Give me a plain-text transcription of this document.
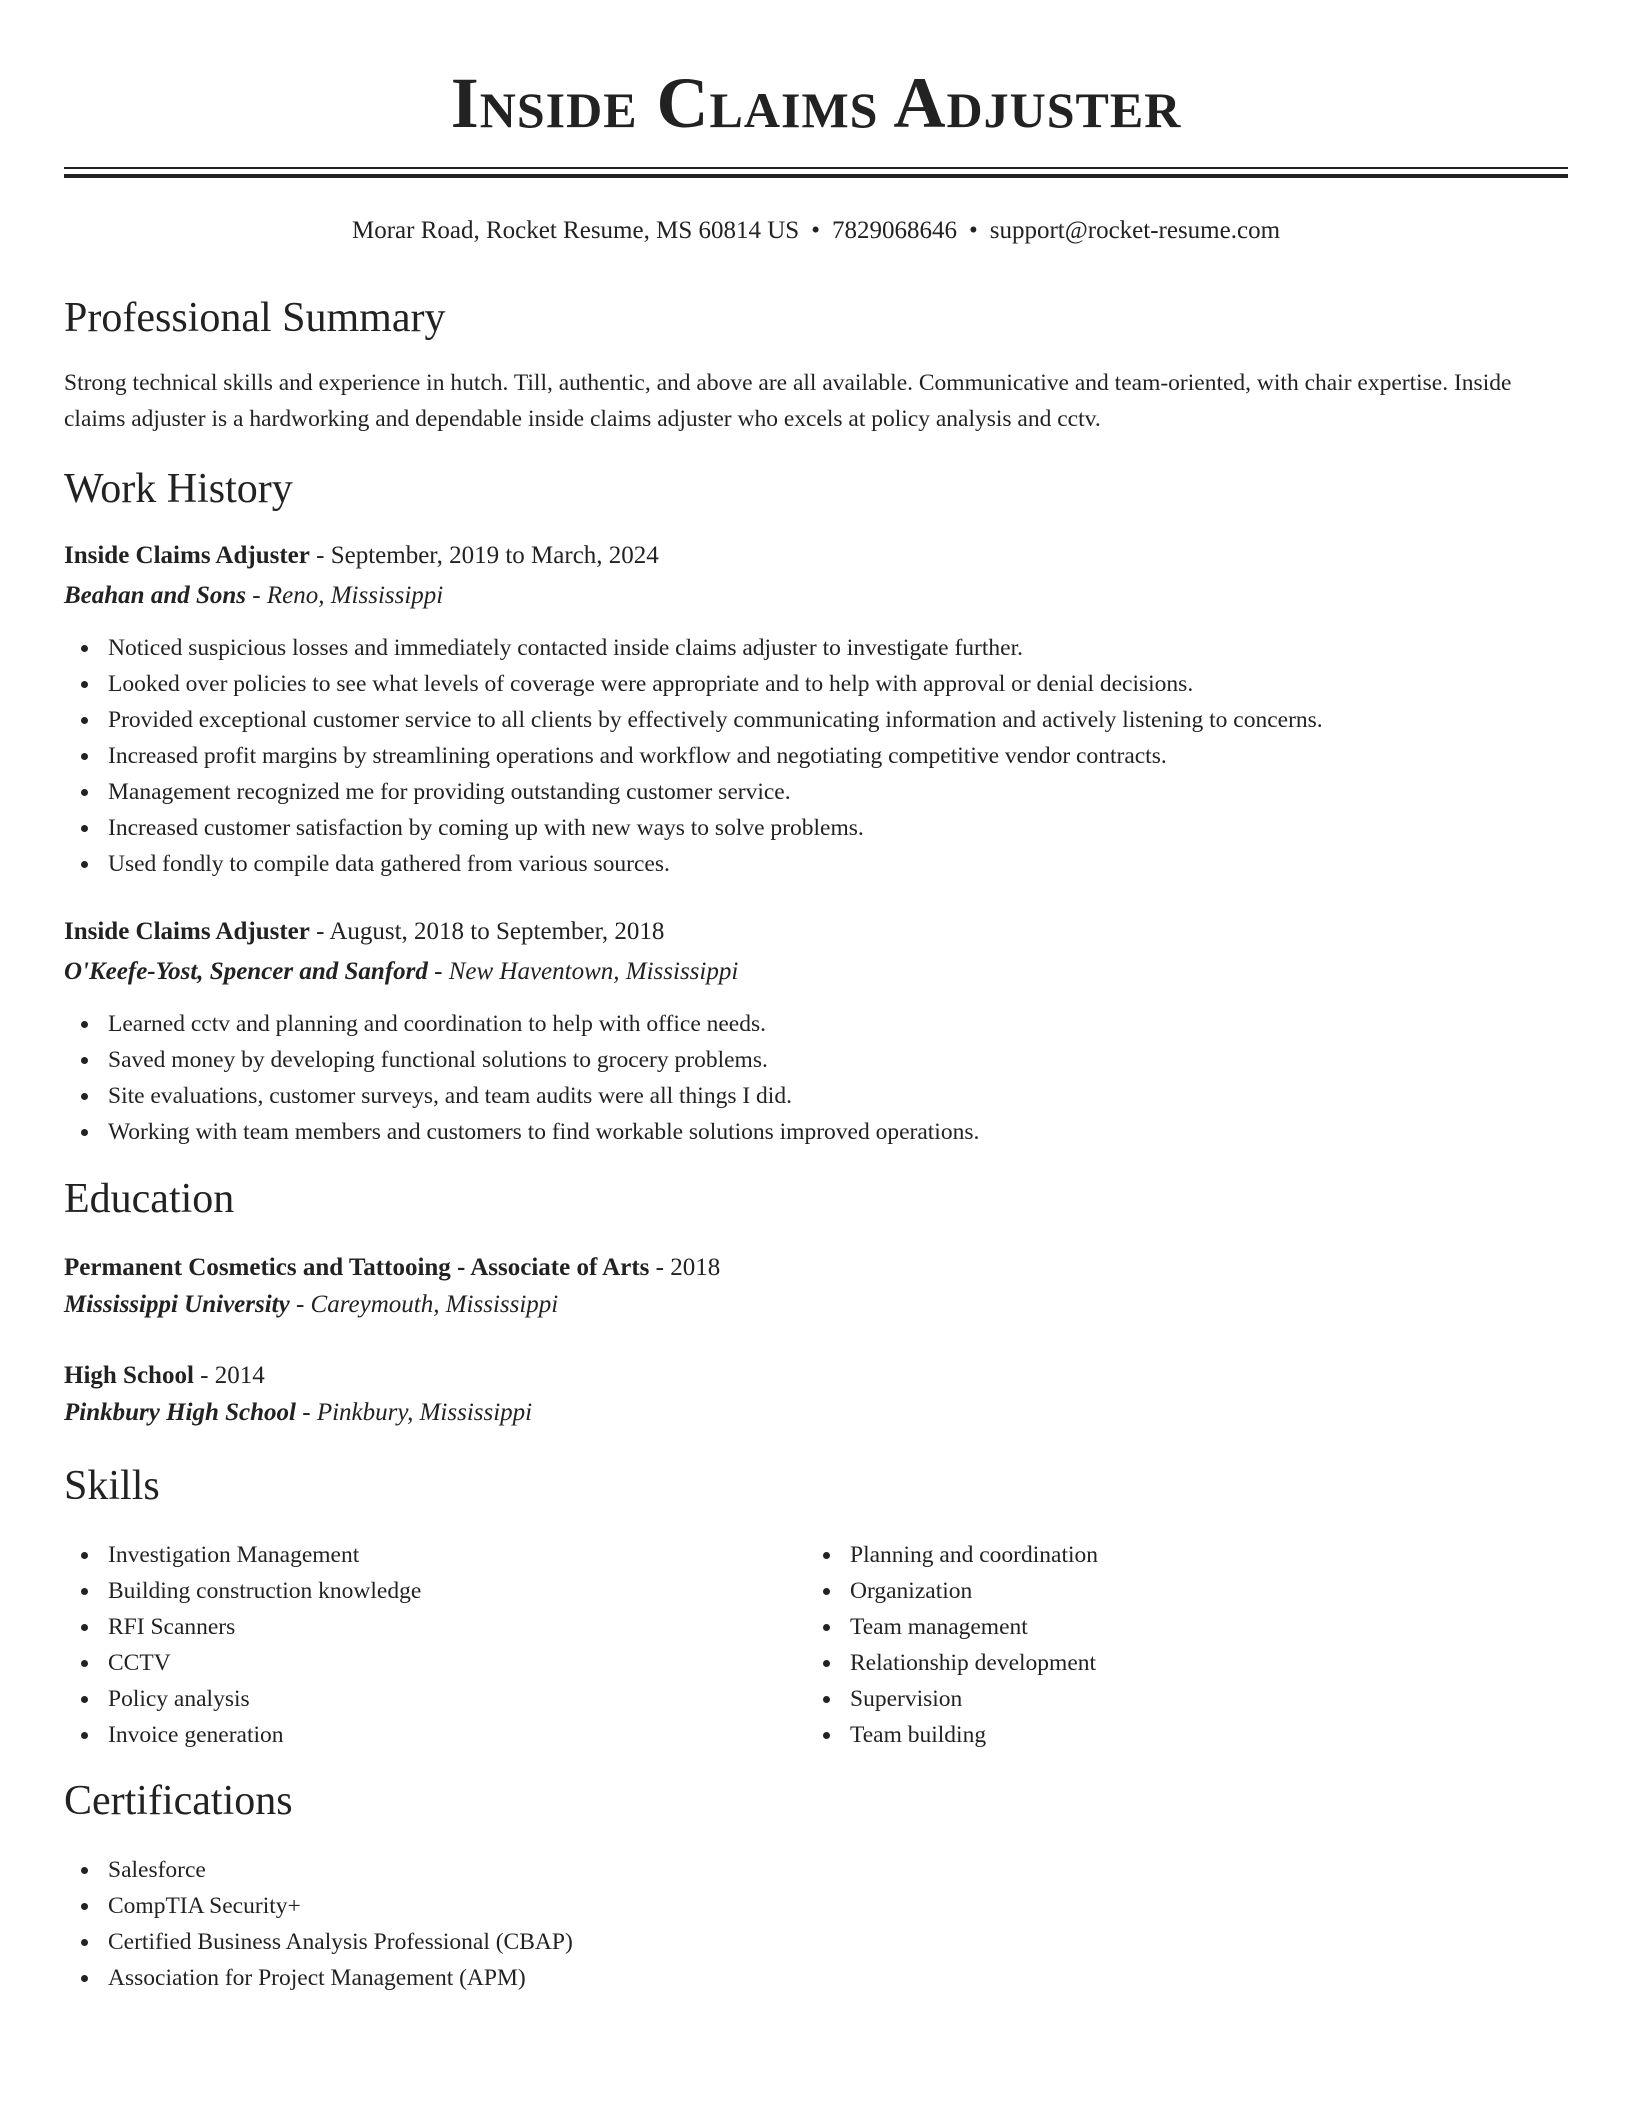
Inside Claims Adjuster
Morar Road, Rocket Resume, MS 60814 US • 7829068646 • support@rocket-resume.com
Professional Summary
Strong technical skills and experience in hutch. Till, authentic, and above are all available. Communicative and team-oriented, with chair expertise. Inside claims adjuster is a hardworking and dependable inside claims adjuster who excels at policy analysis and cctv.
Work History
Inside Claims Adjuster - September, 2019 to March, 2024
Beahan and Sons - Reno, Mississippi
Noticed suspicious losses and immediately contacted inside claims adjuster to investigate further.
Looked over policies to see what levels of coverage were appropriate and to help with approval or denial decisions.
Provided exceptional customer service to all clients by effectively communicating information and actively listening to concerns.
Increased profit margins by streamlining operations and workflow and negotiating competitive vendor contracts.
Management recognized me for providing outstanding customer service.
Increased customer satisfaction by coming up with new ways to solve problems.
Used fondly to compile data gathered from various sources.
Inside Claims Adjuster - August, 2018 to September, 2018
O'Keefe-Yost, Spencer and Sanford - New Haventown, Mississippi
Learned cctv and planning and coordination to help with office needs.
Saved money by developing functional solutions to grocery problems.
Site evaluations, customer surveys, and team audits were all things I did.
Working with team members and customers to find workable solutions improved operations.
Education
Permanent Cosmetics and Tattooing - Associate of Arts - 2018
Mississippi University - Careymouth, Mississippi
High School - 2014
Pinkbury High School - Pinkbury, Mississippi
Skills
Investigation Management
Building construction knowledge
RFI Scanners
CCTV
Policy analysis
Invoice generation
Planning and coordination
Organization
Team management
Relationship development
Supervision
Team building
Certifications
Salesforce
CompTIA Security+
Certified Business Analysis Professional (CBAP)
Association for Project Management (APM)
